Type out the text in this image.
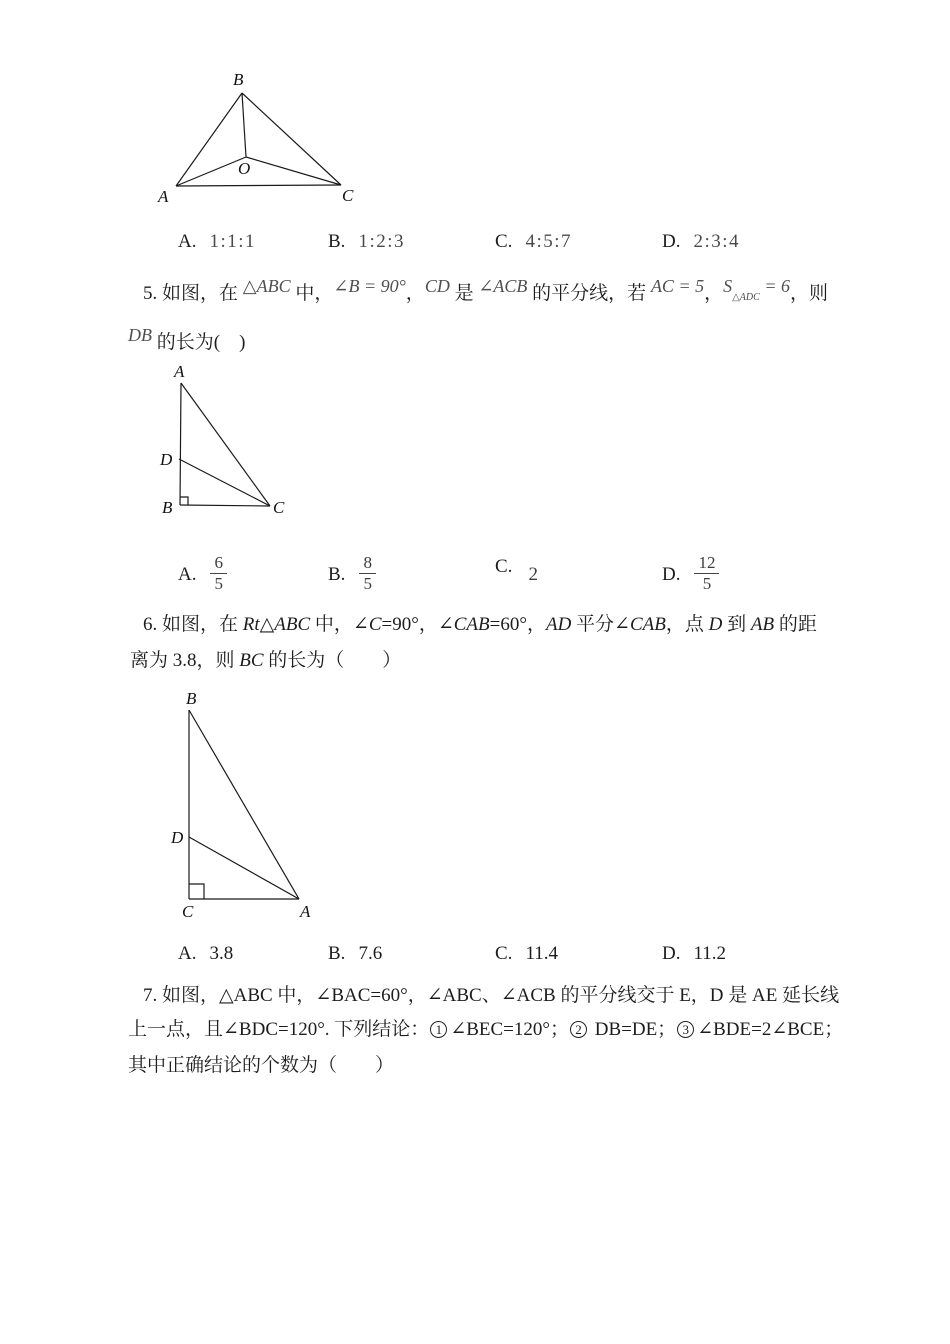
B
A	C
O
A. 1:1:1	B. 1:2:3	C. 4:5:7	D. 2:3:4
5. 如图，在 △ABC 中，∠B = 90°，CD 是 ∠ACB 的平分线，若 AC = 5，$S_{\triangle ADC} = 6$，则
DB 的长为(　)
A
D
B	C
A. $\frac{6}{5}$	B. $\frac{8}{5}$	C. 2	D. $\frac{12}{5}$
6. 如图，在 Rt△ABC 中，∠C=90°，∠CAB=60°，AD 平分∠CAB，点 D 到 AB 的距
离为 3.8，则 BC 的长为（　　）
B
D
C	A
A. 3.8	B. 7.6	C. 11.4	D. 11.2
7. 如图，△ABC 中，∠BAC=60°，∠ABC、∠ACB 的平分线交于 E，D 是 AE 延长线
上一点，且∠BDC=120°. 下列结论： 1 ∠BEC=120°； 2 DB=DE； 3 ∠BDE=2∠BCE；
其中正确结论的个数为（　　）
